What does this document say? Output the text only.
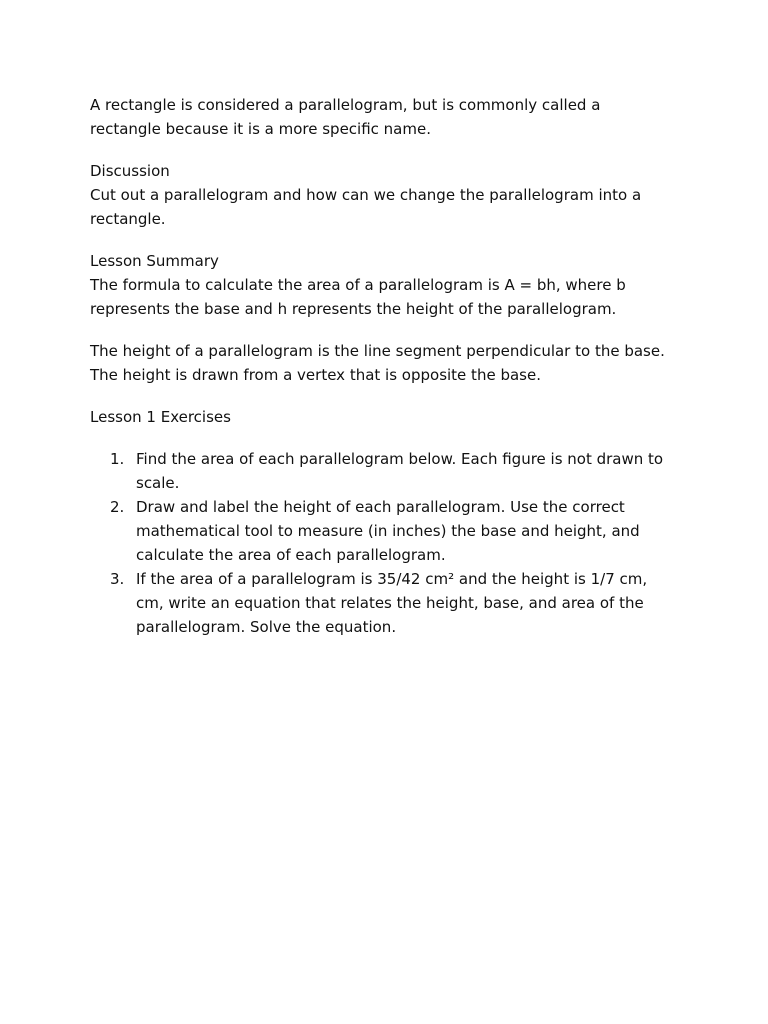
A rectangle is considered a parallelogram, but is commonly called a rectangle because it is a more specific name.

Discussion

Cut out a parallelogram and how can we change the parallelogram into a rectangle.

Lesson Summary

The formula to calculate the area of a parallelogram is A = bh, where b represents the base and h represents the height of the parallelogram.

The height of a parallelogram is the line segment perpendicular to the base. The height is drawn from a vertex that is opposite the base.

Lesson 1 Exercises

1. Find the area of each parallelogram below. Each figure is not drawn to scale.
2. Draw and label the height of each parallelogram. Use the correct mathematical tool to measure (in inches) the base and height, and calculate the area of each parallelogram.
3. If the area of a parallelogram is 35/42 cm² and the height is 1/7 cm, cm, write an equation that relates the height, base, and area of the parallelogram. Solve the equation.
